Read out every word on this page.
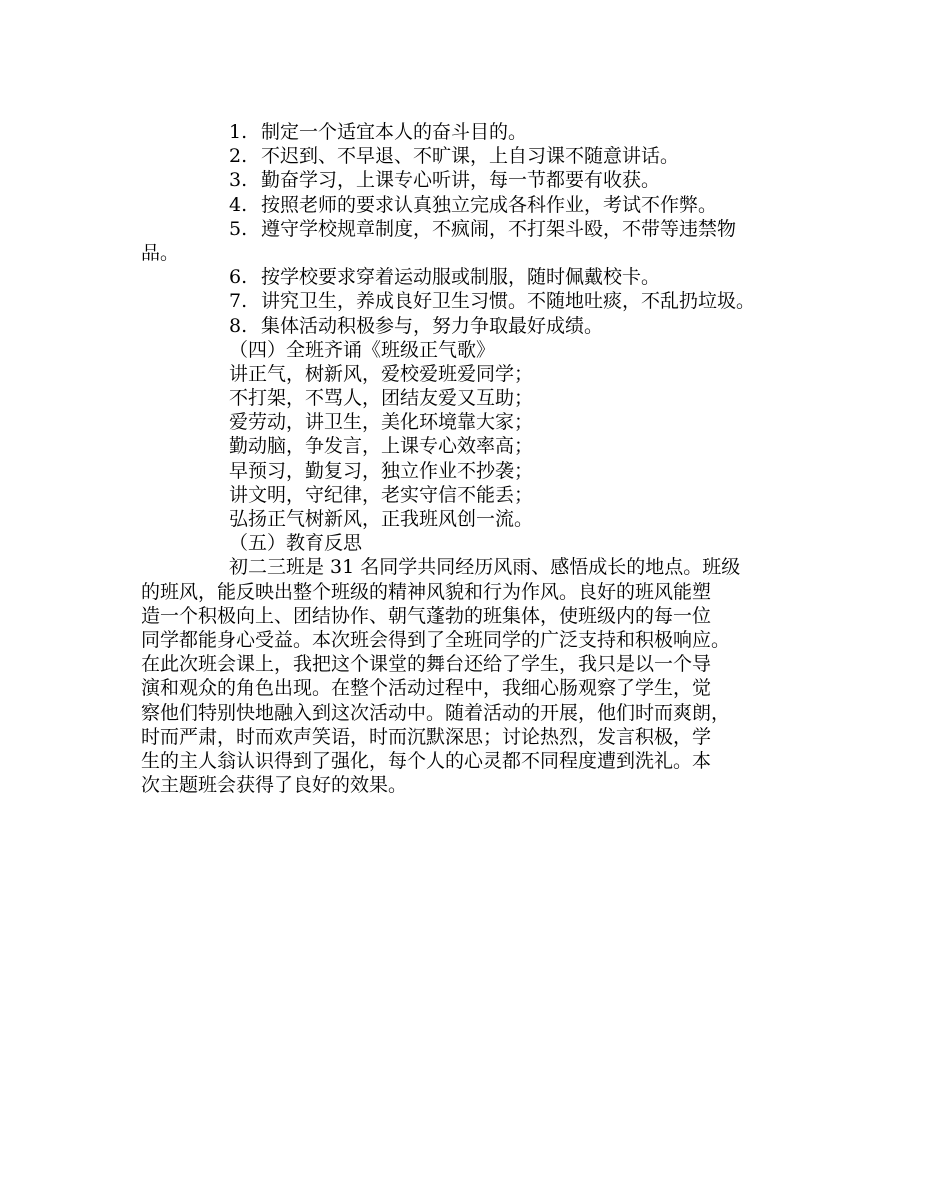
1. 制定一个适宜本人的奋斗目的。
2. 不迟到、不早退、不旷课，上自习课不随意讲话。
3. 勤奋学习，上课专心听讲，每一节都要有收获。
4. 按照老师的要求认真独立完成各科作业，考试不作弊。
5. 遵守学校规章制度，不疯闹，不打架斗殴，不带等违禁物
品。
6. 按学校要求穿着运动服或制服，随时佩戴校卡。
7. 讲究卫生，养成良好卫生习惯。不随地吐痰，不乱扔垃圾。
8. 集体活动积极参与，努力争取最好成绩。
（四）全班齐诵《班级正气歌》
讲正气，树新风，爱校爱班爱同学；
不打架，不骂人，团结友爱又互助；
爱劳动，讲卫生，美化环境靠大家；
勤动脑，争发言，上课专心效率高；
早预习，勤复习，独立作业不抄袭；
讲文明，守纪律，老实守信不能丢；
弘扬正气树新风，正我班风创一流。
（五）教育反思
初二三班是 31 名同学共同经历风雨、感悟成长的地点。班级
的班风，能反映出整个班级的精神风貌和行为作风。良好的班风能塑
造一个积极向上、团结协作、朝气蓬勃的班集体，使班级内的每一位
同学都能身心受益。本次班会得到了全班同学的广泛支持和积极响应。
在此次班会课上，我把这个课堂的舞台还给了学生，我只是以一个导
演和观众的角色出现。在整个活动过程中，我细心肠观察了学生，觉
察他们特别快地融入到这次活动中。随着活动的开展，他们时而爽朗，
时而严肃，时而欢声笑语，时而沉默深思；讨论热烈，发言积极，学
生的主人翁认识得到了强化，每个人的心灵都不同程度遭到洗礼。本
次主题班会获得了良好的效果。
